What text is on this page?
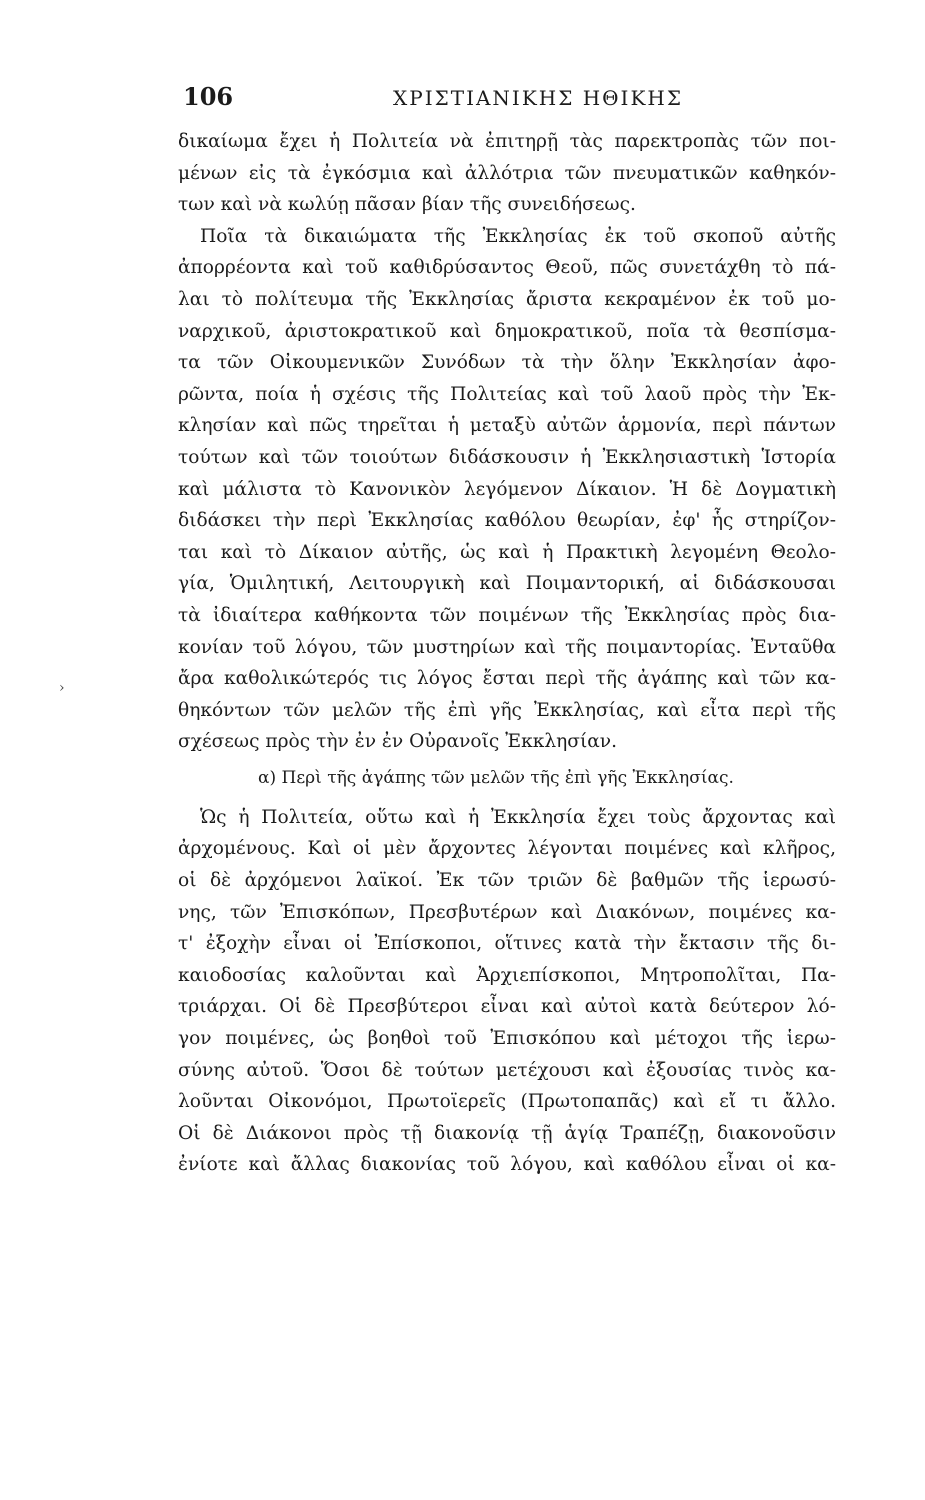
106	ΧΡΙΣΤΙΑΝΙΚΗΣ ΗΘΙΚΗΣ
›
δικαίωμα ἔχει ἡ Πολιτεία νὰ ἐπιτηρῇ τὰς παρεκτροπὰς τῶν ποι-
μένων εἰς τὰ ἐγκόσμια καὶ ἀλλότρια τῶν πνευματικῶν καθηκόν-
των καὶ νὰ κωλύῃ πᾶσαν βίαν τῆς συνειδήσεως.
Ποῖα τὰ δικαιώματα τῆς Ἐκκλησίας ἐκ τοῦ σκοποῦ αὐτῆς
ἀπορρέοντα καὶ τοῦ καθιδρύσαντος Θεοῦ, πῶς συνετάχθη τὸ πά-
λαι τὸ πολίτευμα τῆς Ἐκκλησίας ἄριστα κεκραμένον ἐκ τοῦ μο-
ναρχικοῦ, ἀριστοκρατικοῦ καὶ δημοκρατικοῦ, ποῖα τὰ θεσπίσμα-
τα τῶν Οἰκουμενικῶν Συνόδων τὰ τὴν ὅλην Ἐκκλησίαν ἀφο-
ρῶντα, ποία ἡ σχέσις τῆς Πολιτείας καὶ τοῦ λαοῦ πρὸς τὴν Ἐκ-
κλησίαν καὶ πῶς τηρεῖται ἡ μεταξὺ αὐτῶν ἁρμονία, περὶ πάντων
τούτων καὶ τῶν τοιούτων διδάσκουσιν ἡ Ἐκκλησιαστικὴ Ἱστορία
καὶ μάλιστα τὸ Κανονικὸν λεγόμενον Δίκαιον. Ἡ δὲ Δογματικὴ
διδάσκει τὴν περὶ Ἐκκλησίας καθόλου θεωρίαν, ἐφ' ἧς στηρίζον-
ται καὶ τὸ Δίκαιον αὐτῆς, ὡς καὶ ἡ Πρακτικὴ λεγομένη Θεολο-
γία, Ὁμιλητική, Λειτουργικὴ καὶ Ποιμαντορική, αἱ διδάσκουσαι
τὰ ἰδιαίτερα καθήκοντα τῶν ποιμένων τῆς Ἐκκλησίας πρὸς δια-
κονίαν τοῦ λόγου, τῶν μυστηρίων καὶ τῆς ποιμαντορίας. Ἐνταῦθα
ἄρα καθολικώτερός τις λόγος ἔσται περὶ τῆς ἀγάπης καὶ τῶν κα-
θηκόντων τῶν μελῶν τῆς ἐπὶ γῆς Ἐκκλησίας, καὶ εἶτα περὶ τῆς
σχέσεως πρὸς τὴν ἐν ἐν Οὐρανοῖς Ἐκκλησίαν.
α) Περὶ τῆς ἀγάπης τῶν μελῶν τῆς ἐπὶ γῆς Ἐκκλησίας.
Ὡς ἡ Πολιτεία, οὕτω καὶ ἡ Ἐκκλησία ἔχει τοὺς ἄρχοντας καὶ
ἀρχομένους. Καὶ οἱ μὲν ἄρχοντες λέγονται ποιμένες καὶ κλῆρος,
οἱ δὲ ἀρχόμενοι λαϊκοί. Ἐκ τῶν τριῶν δὲ βαθμῶν τῆς ἱερωσύ-
νης, τῶν Ἐπισκόπων, Πρεσβυτέρων καὶ Διακόνων, ποιμένες κα-
τ' ἐξοχὴν εἶναι οἱ Ἐπίσκοποι, οἵτινες κατὰ τὴν ἔκτασιν τῆς δι-
καιοδοσίας καλοῦνται καὶ Ἀρχιεπίσκοποι, Μητροπολῖται, Πα-
τριάρχαι. Οἱ δὲ Πρεσβύτεροι εἶναι καὶ αὐτοὶ κατὰ δεύτερον λό-
γον ποιμένες, ὡς βοηθοὶ τοῦ Ἐπισκόπου καὶ μέτοχοι τῆς ἱερω-
σύνης αὐτοῦ. Ὅσοι δὲ τούτων μετέχουσι καὶ ἐξουσίας τινὸς κα-
λοῦνται Οἰκονόμοι, Πρωτοϊερεῖς (Πρωτοπαπᾶς) καὶ εἴ τι ἄλλο.
Οἱ δὲ Διάκονοι πρὸς τῇ διακονίᾳ τῇ ἁγίᾳ Τραπέζῃ, διακονοῦσιν
ἐνίοτε καὶ ἄλλας διακονίας τοῦ λόγου, καὶ καθόλου εἶναι οἱ κα-
